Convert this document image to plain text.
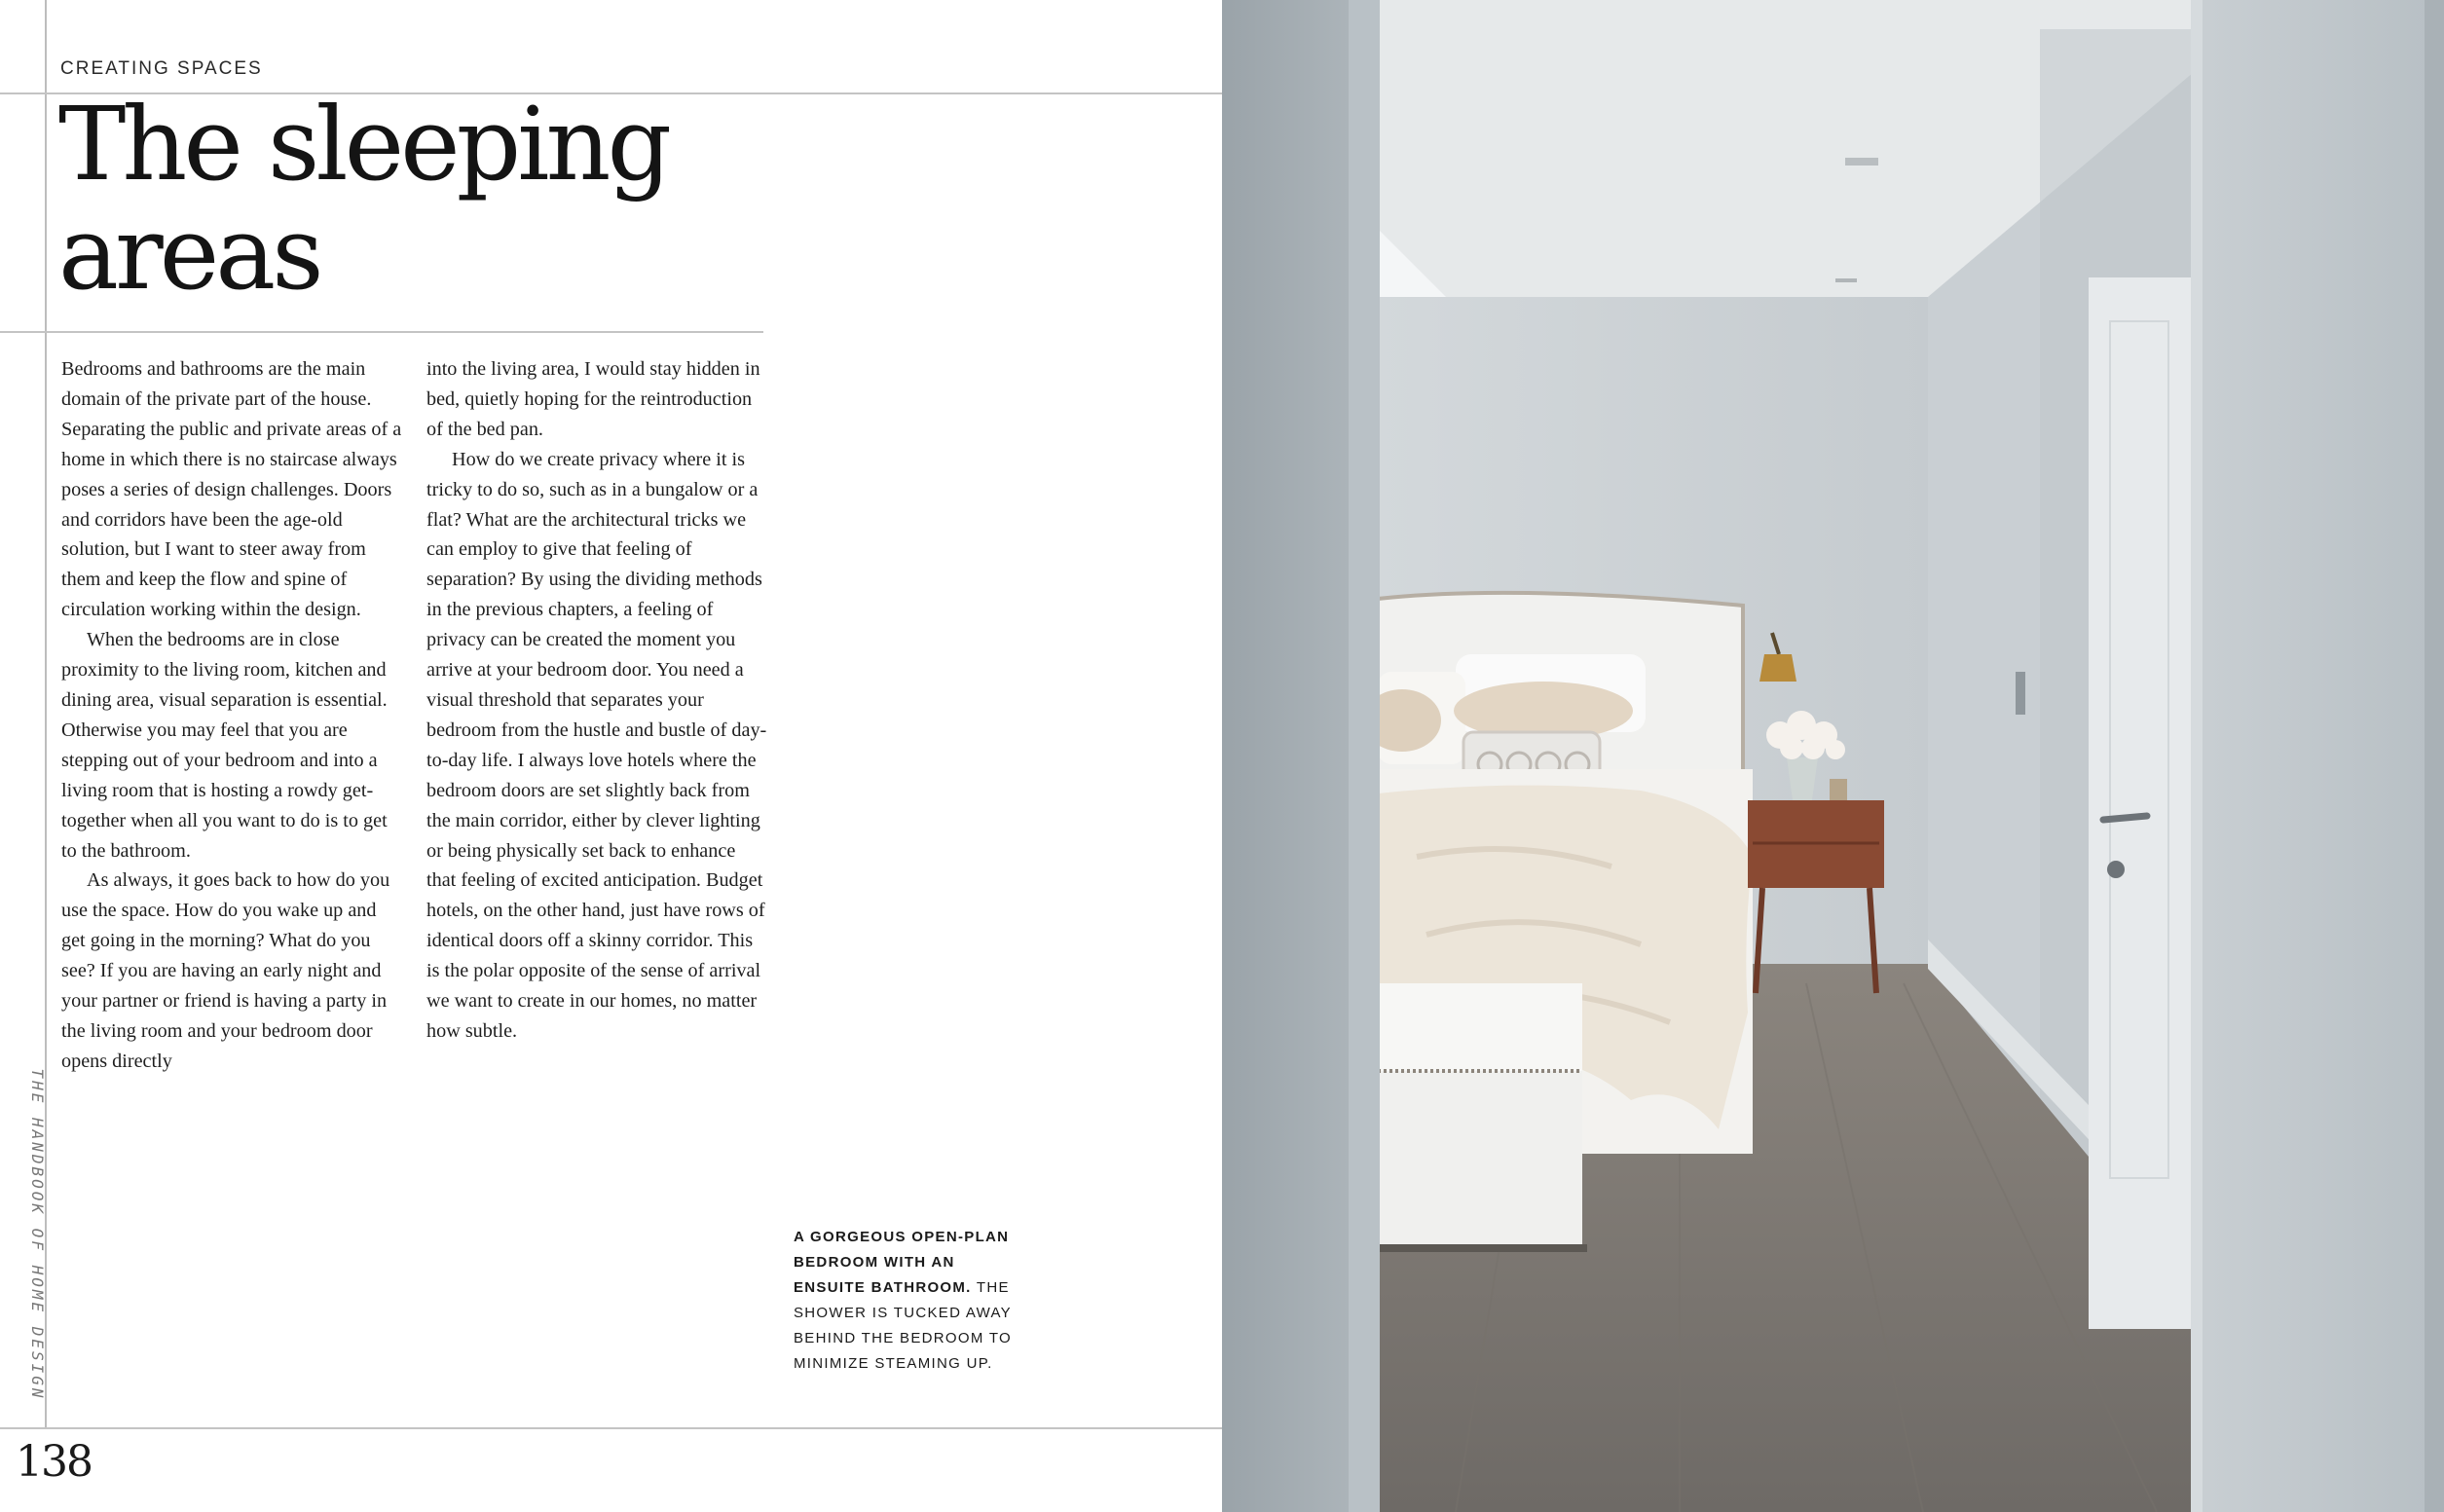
CREATING SPACES
The sleeping
areas

Bedrooms and bathrooms are the main domain of the private part of the house. Separating the public and private areas of a home in which there is no staircase always poses a series of design challenges. Doors and corridors have been the age-old solution, but I want to steer away from them and keep the flow and spine of circulation working within the design.

When the bedrooms are in close proximity to the living room, kitchen and dining area, visual separation is essential. Otherwise you may feel that you are stepping out of your bedroom and into a living room that is hosting a rowdy get-together when all you want to do is to get to the bathroom.

As always, it goes back to how do you use the space. How do you wake up and get going in the morning? What do you see? If you are having an early night and your partner or friend is having a party in the living room and your bedroom door opens directly

into the living area, I would stay hidden in bed, quietly hoping for the reintroduction of the bed pan.

How do we create privacy where it is tricky to do so, such as in a bungalow or a flat? What are the architectural tricks we can employ to give that feeling of separation? By using the dividing methods in the previous chapters, a feeling of privacy can be created the moment you arrive at your bedroom door. You need a visual threshold that separates your bedroom from the hustle and bustle of day-to-day life. I always love hotels where the bedroom doors are set slightly back from the main corridor, either by clever lighting or being physically set back to enhance that feeling of excited anticipation. Budget hotels, on the other hand, just have rows of identical doors off a skinny corridor. This is the polar opposite of the sense of arrival we want to create in our homes, no matter how subtle.

A GORGEOUS OPEN-PLAN BEDROOM WITH AN ENSUITE BATHROOM. THE SHOWER IS TUCKED AWAY BEHIND THE BEDROOM TO MINIMIZE STEAMING UP.
THE HANDBOOK OF HOME DESIGN
138
